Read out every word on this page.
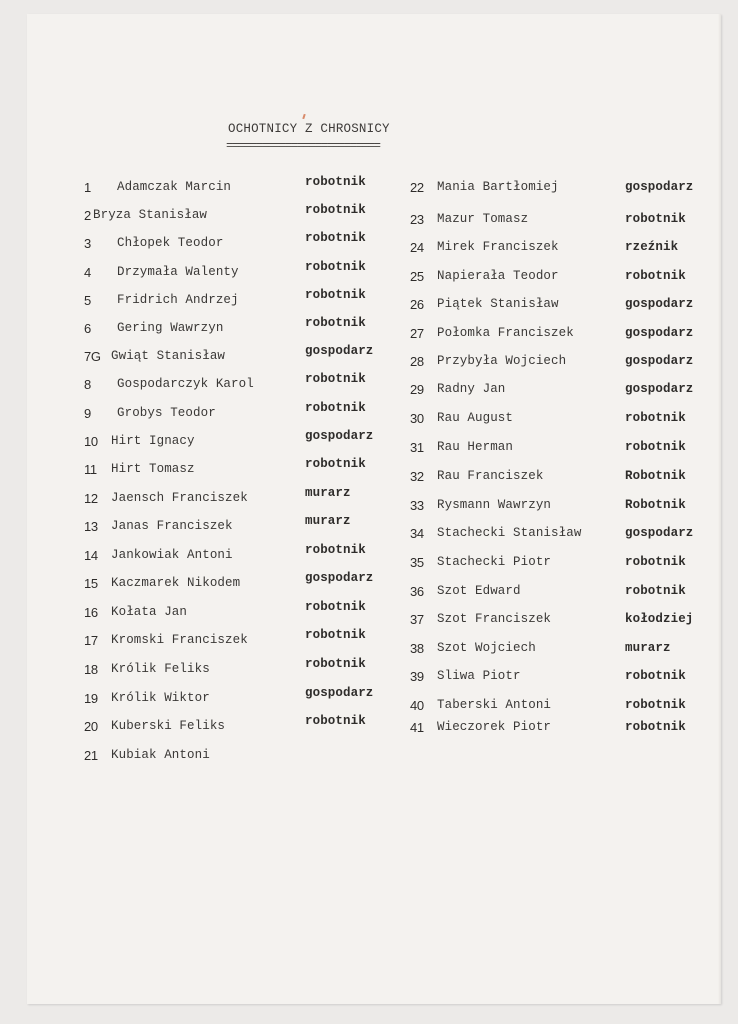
OCHOTNICY Z CHROSNICY
==========================
1 Adamczak Marcin	robotnik
2 Bryza Stanisław	robotnik
3 Chłopek Teodor	robotnik
4 Drzymała Walenty	robotnik
5 Fridrich Andrzej	robotnik
6 Gering Wawrzyn	robotnik
7G Gwiąt Stanisław	gospodarz
8 Gospodarczyk Karol	robotnik
9 Grobys Teodor	robotnik
10 Hirt Ignacy	gospodarz
11 Hirt Tomasz	robotnik
12 Jaensch Franciszek	murarz
13 Janas Franciszek	murarz
14 Jankowiak Antoni	robotnik
15 Kaczmarek Nikodem	gospodarz
16 Kołata Jan	robotnik
17 Kromski Franciszek	robotnik
18 Królik Feliks	robotnik
19 Królik Wiktor	gospodarz
20 Kuberski Feliks	robotnik
21 Kubiak Antoni
22 Mania Bartłomiej	gospodarz
23 Mazur Tomasz	robotnik
24 Mirek Franciszek	rzeźnik
25 Napierała Teodor	robotnik
26 Piątek Stanisław	gospodarz
27 Połomka Franciszek	gospodarz
28 Przybyła Wojciech	gospodarz
29 Radny Jan	gospodarz
30 Rau August	robotnik
31 Rau Herman	robotnik
32 Rau Franciszek	Robotnik
33 Rysmann Wawrzyn	Robotnik
34 Stachecki Stanisław	gospodarz
35 Stachecki Piotr	robotnik
36 Szot Edward	robotnik
37 Szot Franciszek	kołodziej
38 Szot Wojciech	murarz
39 Sliwa Piotr	robotnik
40 Taberski Antoni	robotnik
41 Wieczorek Piotr	robotnik
